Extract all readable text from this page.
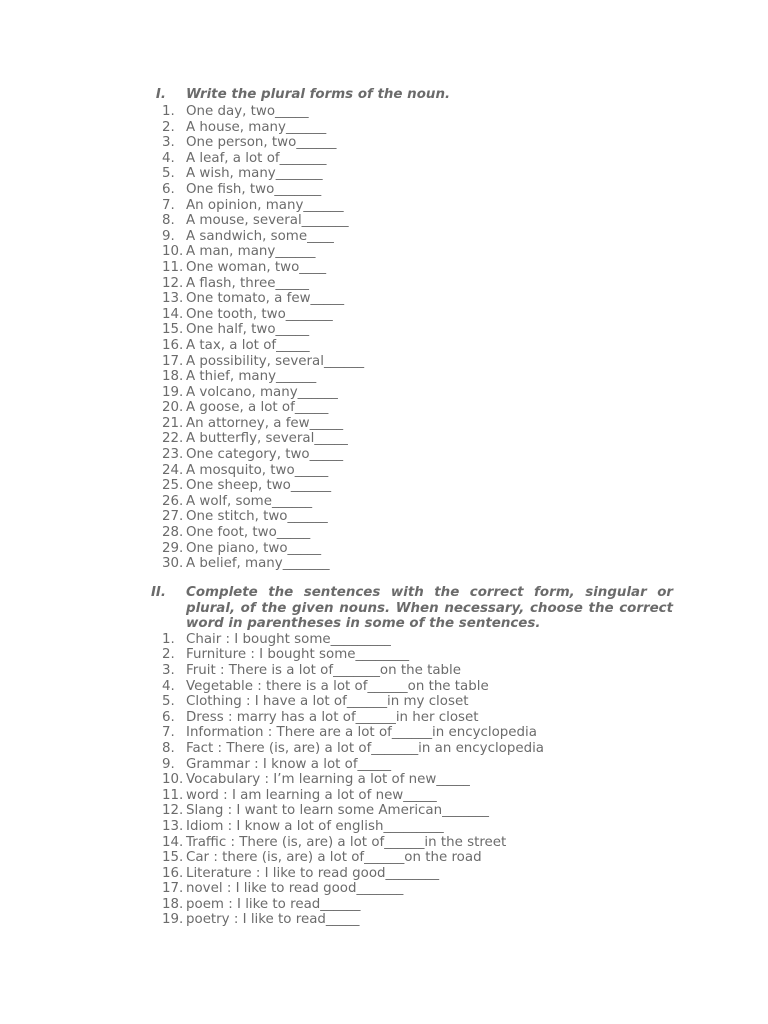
I. Write the plural forms of the noun.
1. One day, two_____
2. A house, many______
3. One person, two______
4. A leaf, a lot of_______
5. A wish, many_______
6. One fish, two_______
7. An opinion, many______
8. A mouse, several_______
9. A sandwich, some____
10. A man, many______
11. One woman, two____
12. A flash, three_____
13. One tomato, a few_____
14. One tooth, two_______
15. One half, two_____
16. A tax, a lot of_____
17. A possibility, several______
18. A thief, many______
19. A volcano, many______
20. A goose, a lot of_____
21. An attorney, a few_____
22. A butterfly, several_____
23. One category, two_____
24. A mosquito, two_____
25. One sheep, two______
26. A wolf, some______
27. One stitch, two______
28. One foot, two_____
29. One piano, two_____
30. A belief, many_______
II. Complete the sentences with the correct form, singular or plural, of the given nouns. When necessary, choose the correct word in parentheses in some of the sentences.
1. Chair : I bought some_________
2. Furniture : I bought some________
3. Fruit : There is a lot of_______on the table
4. Vegetable : there is a lot of______on the table
5. Clothing : I have a lot of______in my closet
6. Dress : marry has a lot of______in her closet
7. Information : There are a lot of______in encyclopedia
8. Fact : There (is, are) a lot of_______in an encyclopedia
9. Grammar : I know a lot of_____
10. Vocabulary : I’m learning a lot of new_____
11. word : I am learning a lot of new_____
12. Slang : I want to learn some American_______
13. Idiom : I know a lot of english_________
14. Traffic : There (is, are) a lot of______in the street
15. Car : there (is, are) a lot of______on the road
16. Literature : I like to read good________
17. novel : I like to read good_______
18. poem : I like to read______
19. poetry : I like to read_____
